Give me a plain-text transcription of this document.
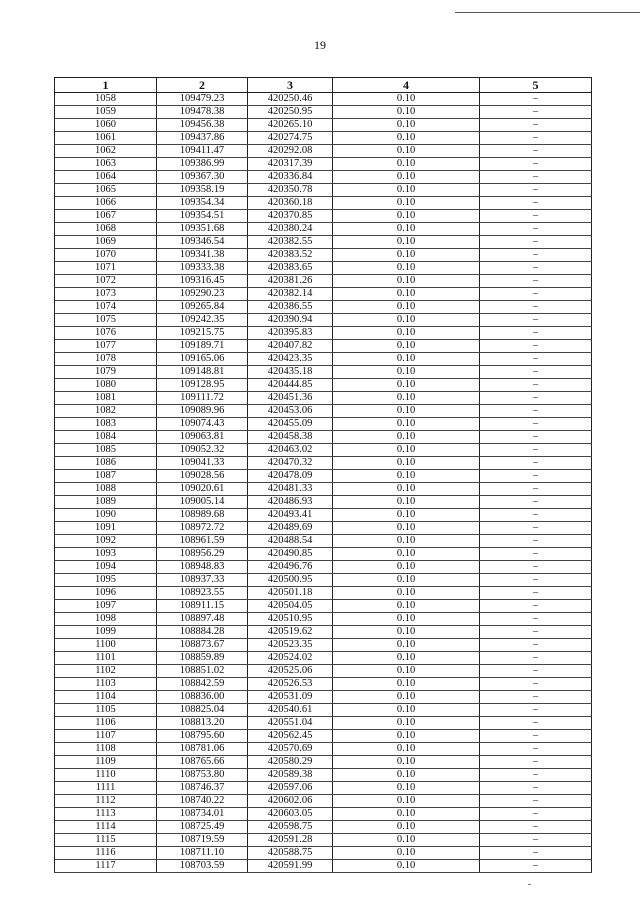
19
1	2	3	4	5
1058	109479.23	420250.46	0.10	–
1059	109478.38	420250.95	0.10	–
1060	109456.38	420265.10	0.10	–
1061	109437.86	420274.75	0.10	–
1062	109411.47	420292.08	0.10	–
1063	109386.99	420317.39	0.10	–
1064	109367.30	420336.84	0.10	–
1065	109358.19	420350.78	0.10	–
1066	109354.34	420360.18	0.10	–
1067	109354.51	420370.85	0.10	–
1068	109351.68	420380.24	0.10	–
1069	109346.54	420382.55	0.10	–
1070	109341.38	420383.52	0.10	–
1071	109333.38	420383.65	0.10	–
1072	109316.45	420381.26	0.10	–
1073	109290.23	420382.14	0.10	–
1074	109265.84	420386.55	0.10	–
1075	109242.35	420390.94	0.10	–
1076	109215.75	420395.83	0.10	–
1077	109189.71	420407.82	0.10	–
1078	109165.06	420423.35	0.10	–
1079	109148.81	420435.18	0.10	–
1080	109128.95	420444.85	0.10	–
1081	109111.72	420451.36	0.10	–
1082	109089.96	420453.06	0.10	–
1083	109074.43	420455.09	0.10	–
1084	109063.81	420458.38	0.10	–
1085	109052.32	420463.02	0.10	–
1086	109041.33	420470.32	0.10	–
1087	109028.56	420478.09	0.10	–
1088	109020.61	420481.33	0.10	–
1089	109005.14	420486.93	0.10	–
1090	108989.68	420493.41	0.10	–
1091	108972.72	420489.69	0.10	–
1092	108961.59	420488.54	0.10	–
1093	108956.29	420490.85	0.10	–
1094	108948.83	420496.76	0.10	–
1095	108937.33	420500.95	0.10	–
1096	108923.55	420501.18	0.10	–
1097	108911.15	420504.05	0.10	–
1098	108897.48	420510.95	0.10	–
1099	108884.28	420519.62	0.10	–
1100	108873.67	420523.35	0.10	–
1101	108859.89	420524.02	0.10	–
1102	108851.02	420525.06	0.10	–
1103	108842.59	420526.53	0.10	–
1104	108836.00	420531.09	0.10	–
1105	108825.04	420540.61	0.10	–
1106	108813.20	420551.04	0.10	–
1107	108795.60	420562.45	0.10	–
1108	108781.06	420570.69	0.10	–
1109	108765.66	420580.29	0.10	–
1110	108753.80	420589.38	0.10	–
1111	108746.37	420597.06	0.10	–
1112	108740.22	420602.06	0.10	–
1113	108734.01	420603.05	0.10	–
1114	108725.49	420598.75	0.10	–
1115	108719.59	420591.28	0.10	–
1116	108711.10	420588.75	0.10	–
1117	108703.59	420591.99	0.10	–
